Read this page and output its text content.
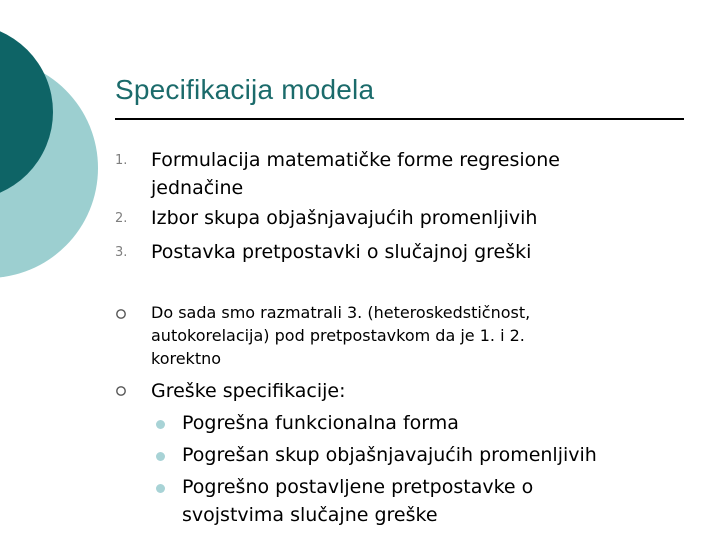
Specifikacija modela
1.	Formulacija matematičke forme regresione
jednačine
2.	Izbor skupa objašnjavajućih promenljivih
3.	Postavka pretpostavki o slučajnoj greški
Do sada smo razmatrali 3. (heteroskedstičnost,
autokorelacija) pod pretpostavkom da je 1. i 2.
korektno
Greške specifikacije:
Pogrešna funkcionalna forma
Pogrešan skup objašnjavajućih promenljivih
Pogrešno postavljene pretpostavke o
svojstvima slučajne greške
